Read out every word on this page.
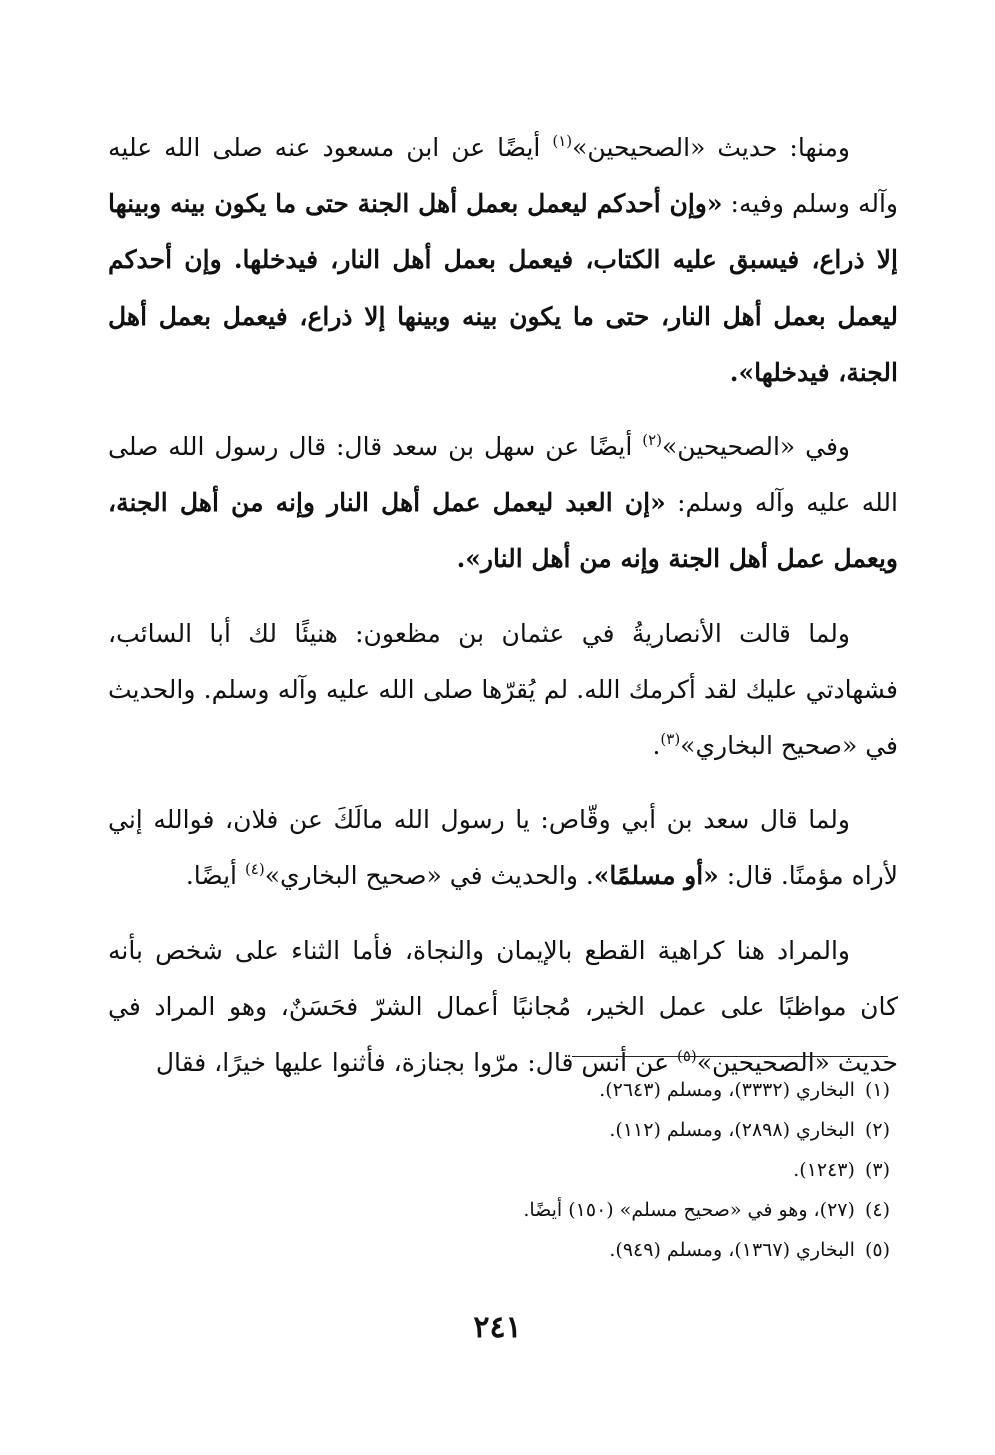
ومنها: حديث «الصحيحين»$^{(١)}$ أيضًا عن ابن مسعود عنه صلى الله عليه وآله وسلم وفيه: «وإن أحدكم ليعمل بعمل أهل الجنة حتى ما يكون بينه وبينها إلا ذراع، فيسبق عليه الكتاب، فيعمل بعمل أهل النار، فيدخلها. وإن أحدكم ليعمل بعمل أهل النار، حتى ما يكون بينه وبينها إلا ذراع، فيعمل بعمل أهل الجنة، فيدخلها».

وفي «الصحيحين»$^{(٢)}$ أيضًا عن سهل بن سعد قال: قال رسول الله صلى الله عليه وآله وسلم: «إن العبد ليعمل عمل أهل النار وإنه من أهل الجنة، ويعمل عمل أهل الجنة وإنه من أهل النار».

ولما قالت الأنصاريةُ في عثمان بن مظعون: هنيئًا لك أبا السائب، فشهادتي عليك لقد أكرمك الله. لم يُقرّها صلى الله عليه وآله وسلم. والحديث في «صحيح البخاري»$^{(٣)}$.

ولما قال سعد بن أبي وقّاص: يا رسول الله مالَكَ عن فلان، فوالله إني لأراه مؤمنًا. قال: «أو مسلمًا». والحديث في «صحيح البخاري»$^{(٤)}$ أيضًا.

والمراد هنا كراهية القطع بالإيمان والنجاة، فأما الثناء على شخص بأنه كان مواظبًا على عمل الخير، مُجانبًا أعمال الشرّ فحَسَنٌ، وهو المراد في حديث «الصحيحين»$^{(٥)}$ عن أنس قال: مرّوا بجنازة، فأثنوا عليها خيرًا، فقال

(١)البخاري (٣٣٣٢)، ومسلم (٢٦٤٣).
(٢)البخاري (٢٨٩٨)، ومسلم (١١٢).
(٣)(١٢٤٣).
(٤)(٢٧)، وهو في «صحيح مسلم» (١٥٠) أيضًا.
(٥)البخاري (١٣٦٧)، ومسلم (٩٤٩).
٢٤١
